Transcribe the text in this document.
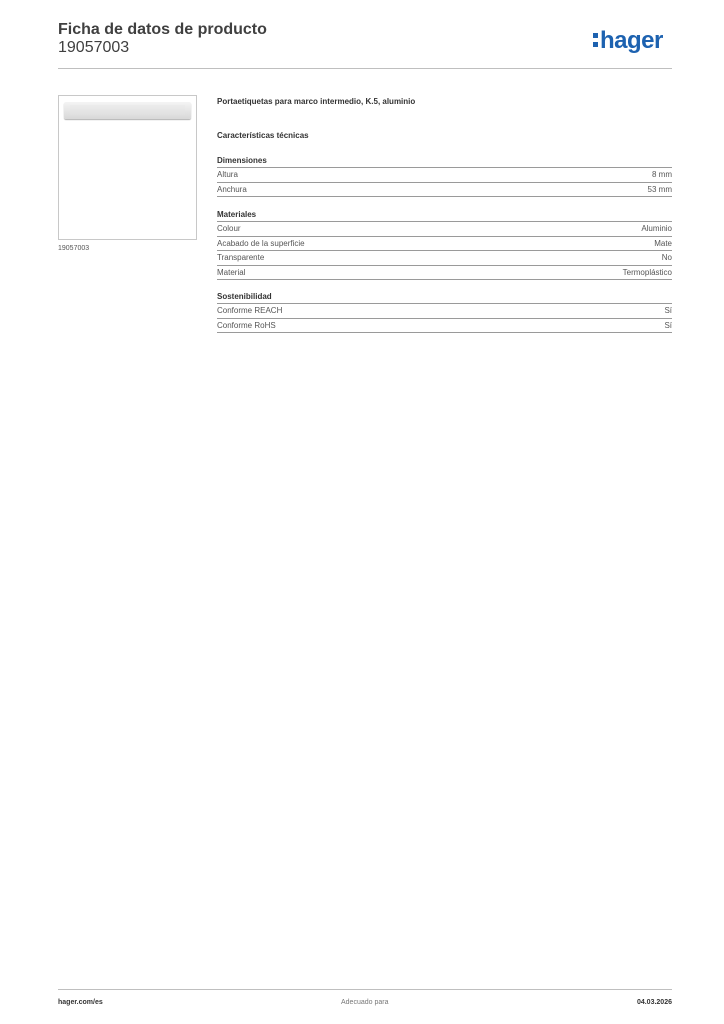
Ficha de datos de producto
19057003	hager
19057003
Portaetiquetas para marco intermedio, K.5, aluminio
Características técnicas
Dimensiones
Altura	8 mm
Anchura	53 mm
Materiales
Colour	Aluminio
Acabado de la superficie	Mate
Transparente	No
Material	Termoplástico
Sostenibilidad
Conforme REACH	Sí
Conforme RoHS	Sí
hager.com/es	Adecuado para	04.03.2026
